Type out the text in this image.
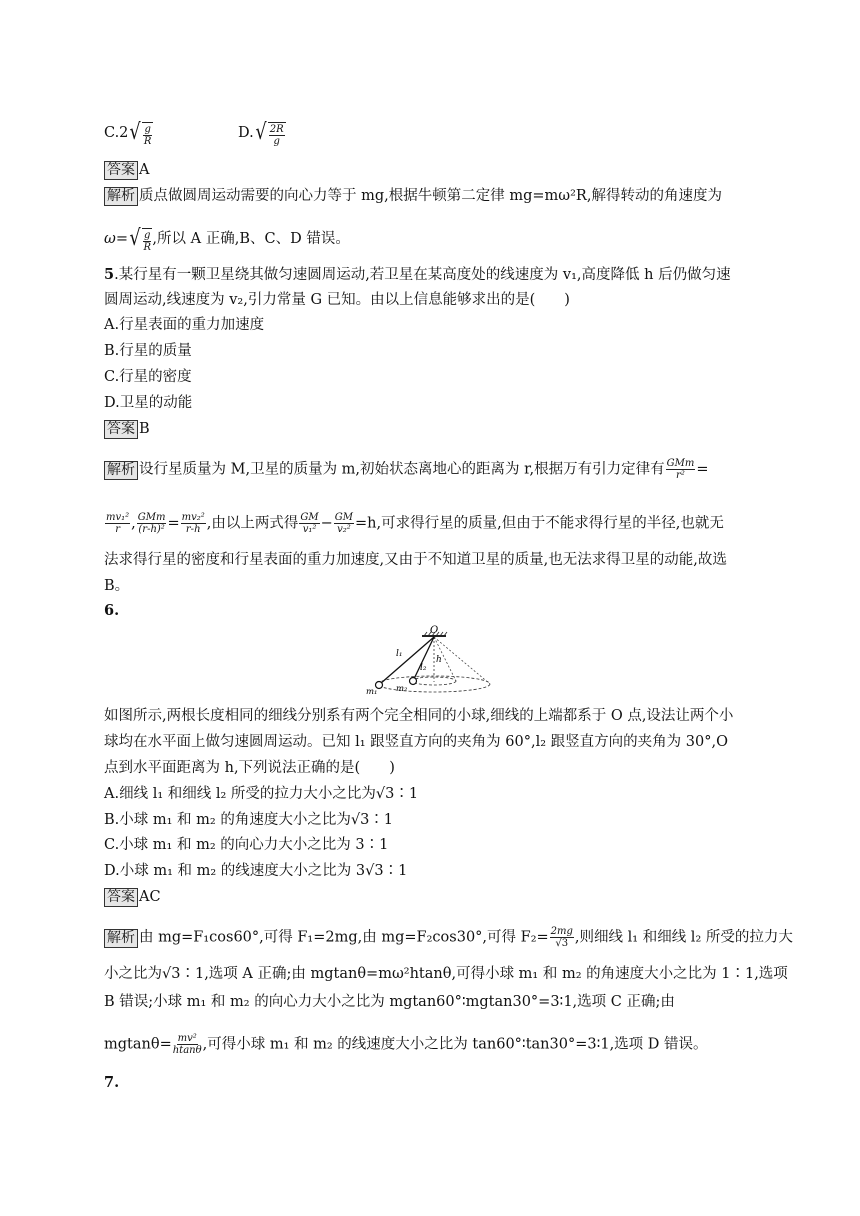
C.2 √ $\frac{g}{R}$	D. √ $\frac{2R}{g}$
答案 A
解析 质点做圆周运动需要的向心力等于 mg,根据牛顿第二定律 mg=mω²R,解得转动的角速度为
ω= √ $\frac{g}{R}$ ,所以 A 正确,B、C、D 错误。
5.某行星有一颗卫星绕其做匀速圆周运动,若卫星在某高度处的线速度为 v₁,高度降低 h 后仍做匀速
圆周运动,线速度为 v₂,引力常量 G 已知。由以上信息能够求出的是(　　)
A.行星表面的重力加速度
B.行星的质量
C.行星的密度
D.卫星的动能
答案 B
解析 设行星质量为 M,卫星的质量为 m,初始状态离地心的距离为 r,根据万有引力定律有 $\frac{\text{GMm}}{\text{r²}}$ =
$\frac{\text{mv₁²}}{r}$ , $\frac{\text{GMm}}{\text{(r-h)²}} = \frac{\text{mv₂²}}{r-h}$ ,由以上两式得 $\frac{GM}{\text{v₁²}} - \frac{GM}{\text{v₂²}} =h$,可求得行星的质量,但由于不能求得行星的半径,也就无
法求得行星的密度和行星表面的重力加速度,又由于不知道卫星的质量,也无法求得卫星的动能,故选
B。
6.
O
l₁
l₂
h
m₁ m₂
如图所示,两根长度相同的细线分别系有两个完全相同的小球,细线的上端都系于 O 点,设法让两个小
球均在水平面上做匀速圆周运动。已知 l₁ 跟竖直方向的夹角为 60°,l₂ 跟竖直方向的夹角为 30°,O
点到水平面距离为 h,下列说法正确的是(　　)
A.细线 l₁ 和细线 l₂ 所受的拉力大小之比为√3∶1
B.小球 m₁ 和 m₂ 的角速度大小之比为√3∶1
C.小球 m₁ 和 m₂ 的向心力大小之比为 3∶1
D.小球 m₁ 和 m₂ 的线速度大小之比为 3√3∶1
答案 AC
解析 由 mg=F₁cos60°,可得 F₁=2mg,由 mg=F₂cos30°,可得 $F_2= \frac{2mg}{√3}$ ,则细线 l₁ 和细线 l₂ 所受的拉力大
小之比为√3∶1,选项 A 正确;由 mgtanθ=mω²htanθ,可得小球 m₁ 和 m₂ 的角速度大小之比为 1∶1,选项
B 错误;小球 m₁ 和 m₂ 的向心力大小之比为 mgtan60°∶mgtan30°=3∶1,选项 C 正确;由
$mgtan\theta= \frac{\text{mv²}}{htan\theta}$ ,可得小球 m₁ 和 m₂ 的线速度大小之比为 tan60°∶tan30°=3∶1,选项 D 错误。
7.
